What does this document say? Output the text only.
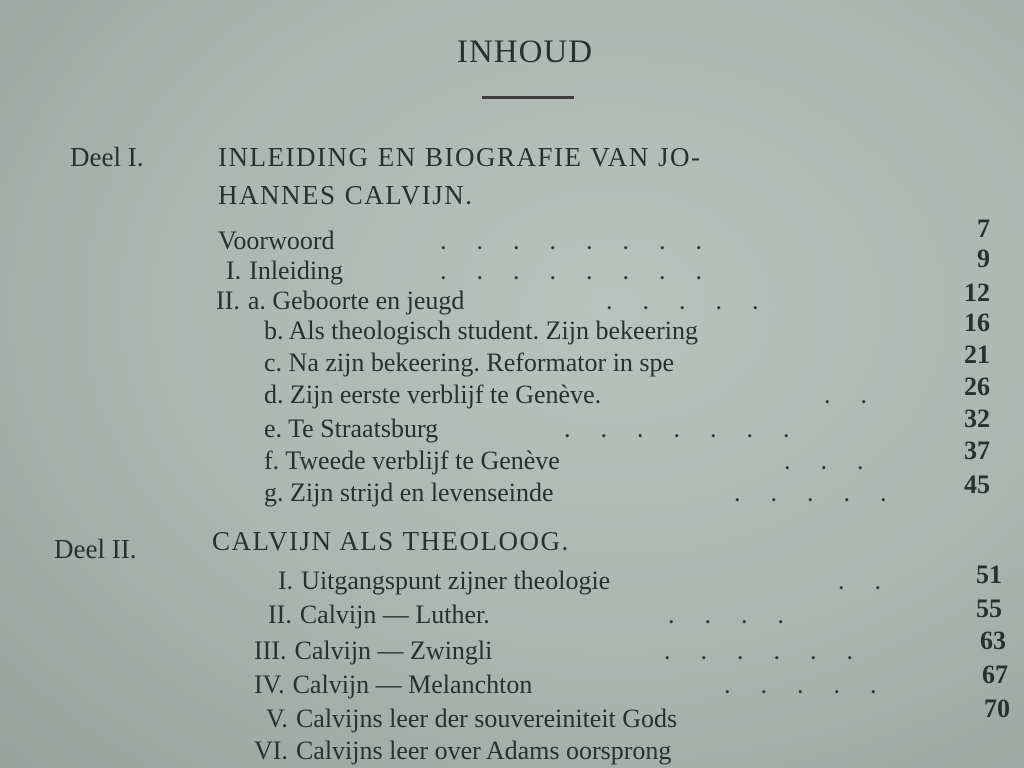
INHOUD
Deel I.	INLEIDING EN BIOGRAFIE VAN JO-
HANNES CALVIJN.
Voorwoord	........	7
I. Inleiding	........	9
II. a. Geboorte en jeugd	.....	12
b. Als theologisch student. Zijn bekeering	16
c. Na zijn bekeering. Reformator in spe	21
d. Zijn eerste verblijf te Genève.	..	26
e. Te Straatsburg	.......	32
f. Tweede verblijf te Genève	...	37
g. Zijn strijd en levenseinde	.....	45
Deel II.	CALVIJN ALS THEOLOOG.
I. Uitgangspunt zijner theologie	..	51
II. Calvijn — Luther.	....	55
III. Calvijn — Zwingli	......	63
IV. Calvijn — Melanchton	.....	67
V. Calvijns leer der souvereiniteit Gods	70
VI. Calvijns leer over Adams oorsprong
